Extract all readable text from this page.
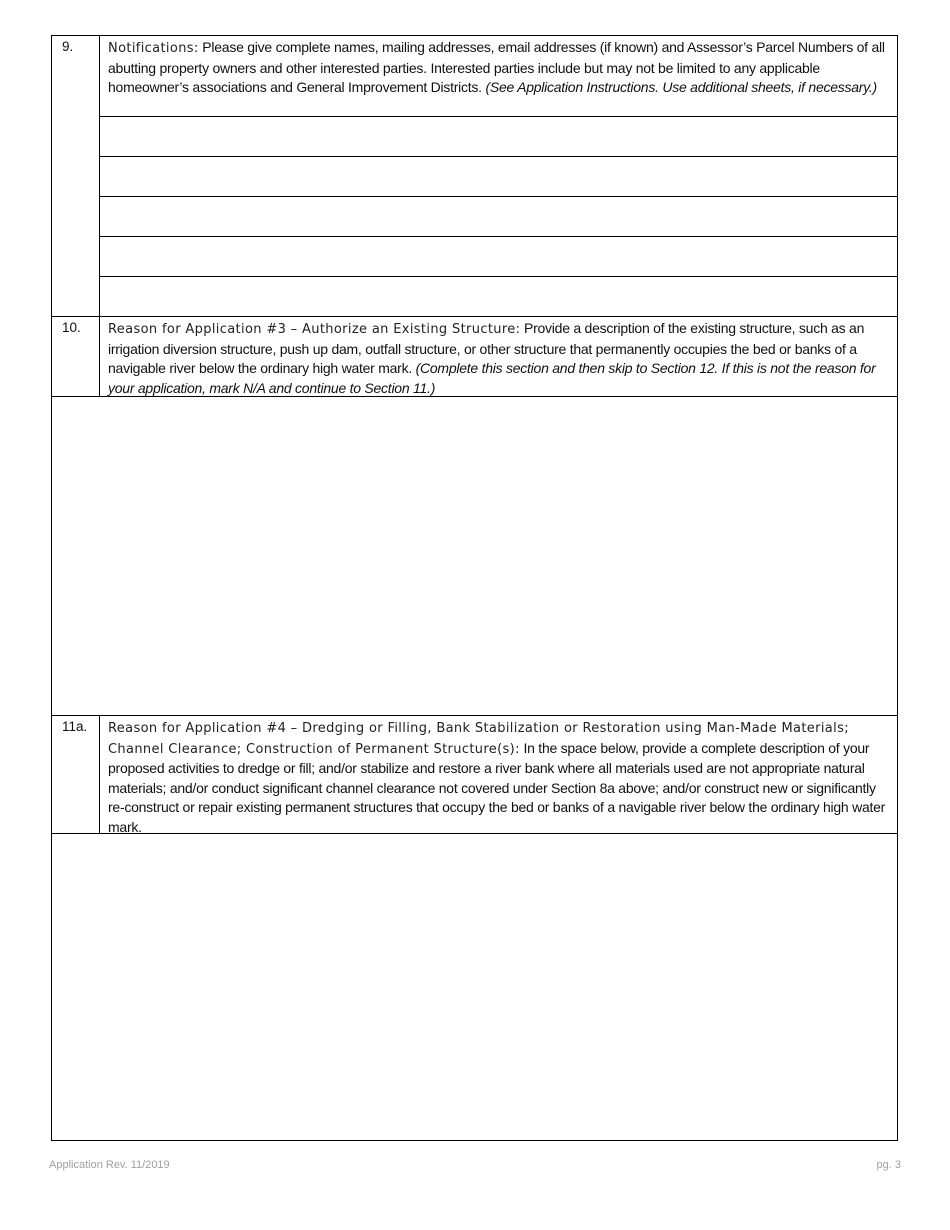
9.	Notifications: Please give complete names, mailing addresses, email addresses (if known) and Assessor’s Parcel Numbers of all abutting property owners and other interested parties. Interested parties include but may not be limited to any applicable homeowner’s associations and General Improvement Districts. (See Application Instructions. Use additional sheets, if necessary.)
10.	Reason for Application #3 – Authorize an Existing Structure: Provide a description of the existing structure, such as an irrigation diversion structure, push up dam, outfall structure, or other structure that permanently occupies the bed or banks of a navigable river below the ordinary high water mark. (Complete this section and then skip to Section 12. If this is not the reason for your application, mark N/A and continue to Section 11.)
11a.	Reason for Application #4 – Dredging or Filling, Bank Stabilization or Restoration using Man-Made Materials; Channel Clearance; Construction of Permanent Structure(s): In the space below, provide a complete description of your proposed activities to dredge or fill; and/or stabilize and restore a river bank where all materials used are not appropriate natural materials; and/or conduct significant channel clearance not covered under Section 8a above; and/or construct new or significantly re-construct or repair existing permanent structures that occupy the bed or banks of a navigable river below the ordinary high water mark.
Application Rev. 11/2019	pg. 3
